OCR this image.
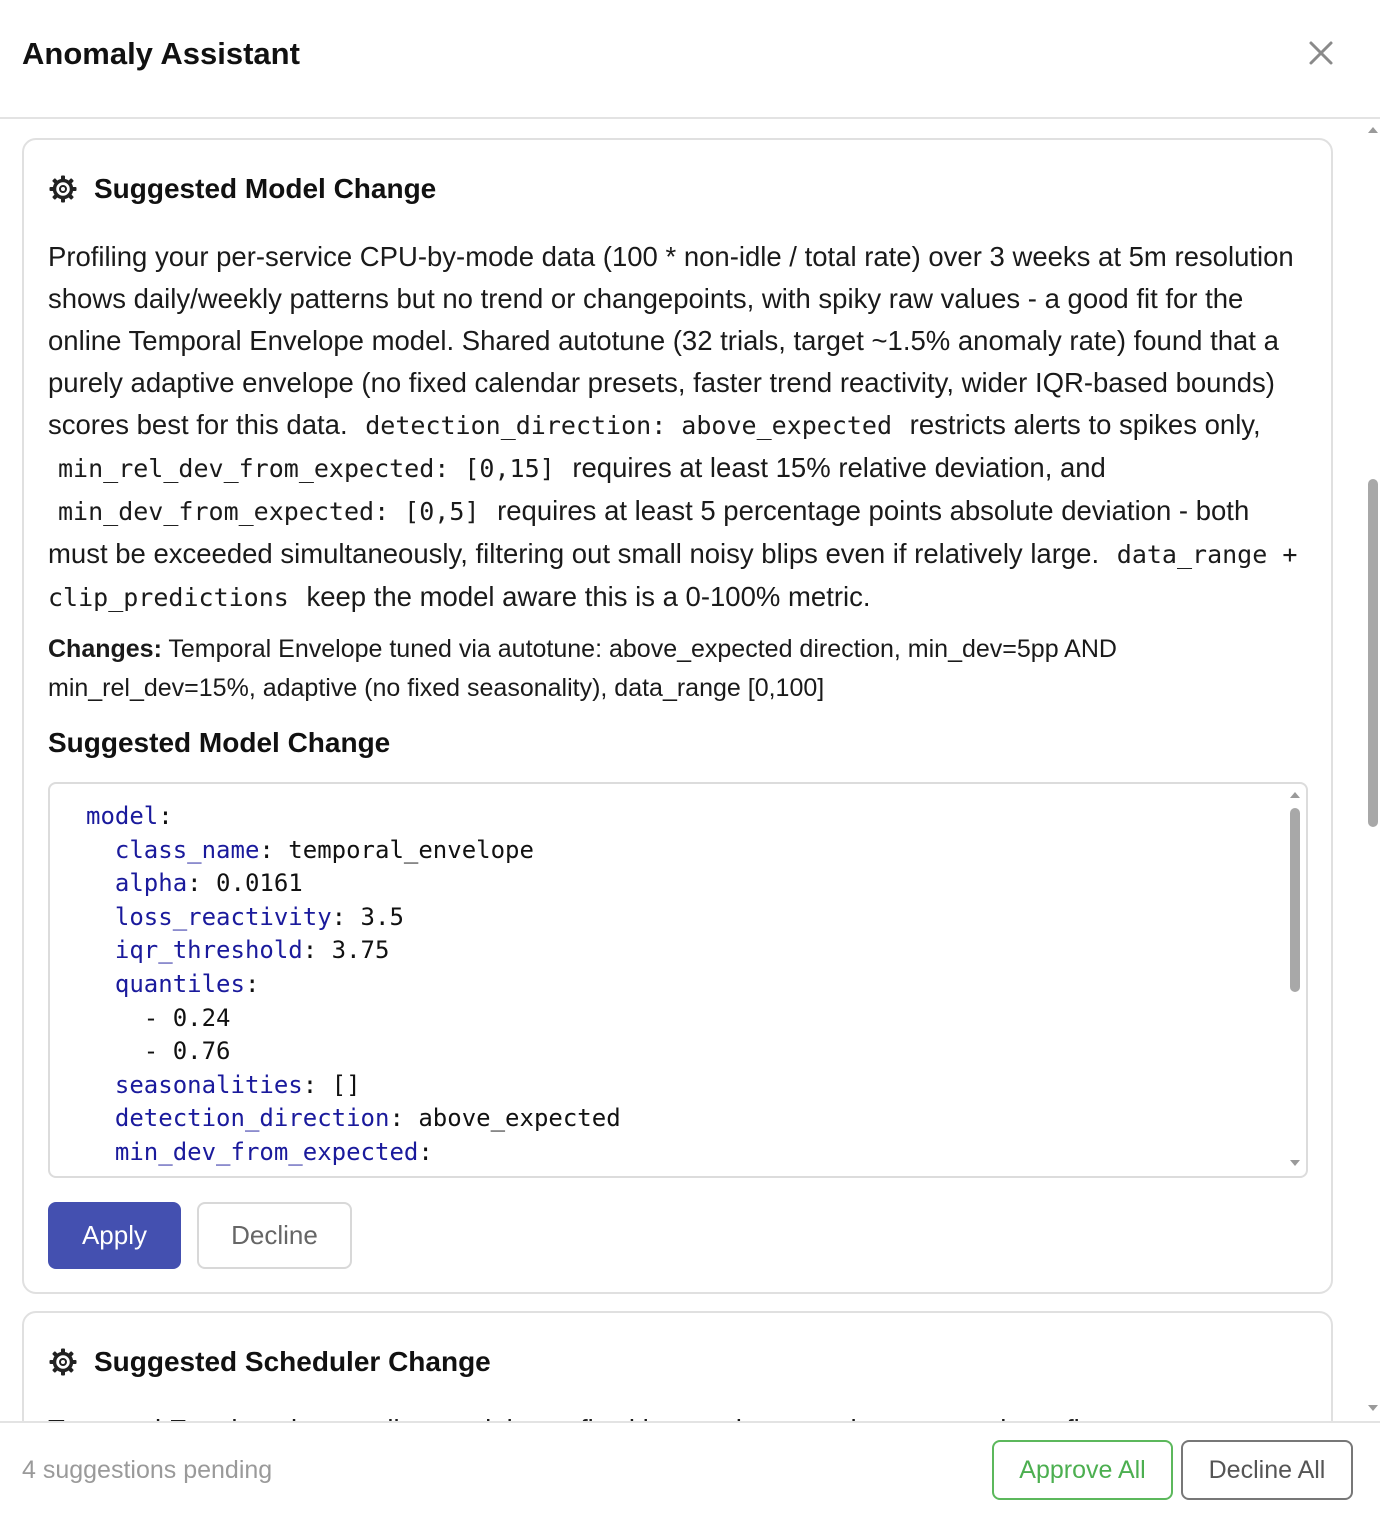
Anomaly Assistant
Suggested Model Change
Profiling your per-service CPU-by-mode data (100 * non-idle / total rate) over 3 weeks at 5m resolution shows daily/weekly patterns but no trend or changepoints, with spiky raw values - a good fit for the online Temporal Envelope model. Shared autotune (32 trials, target ~1.5% anomaly rate) found that a purely adaptive envelope (no fixed calendar presets, faster trend reactivity, wider IQR-based bounds) scores best for this data. detection_direction: above_expected restricts alerts to spikes only, min_rel_dev_from_expected: [0,15] requires at least 15% relative deviation, and min_dev_from_expected: [0,5] requires at least 5 percentage points absolute deviation - both must be exceeded simultaneously, filtering out small noisy blips even if relatively large. data_range + clip_predictions keep the model aware this is a 0-100% metric.
Changes: Temporal Envelope tuned via autotune: above_expected direction, min_dev=5pp AND min_rel_dev=15%, adaptive (no fixed seasonality), data_range [0,100]
Suggested Model Change
model:
class_name: temporal_envelope
alpha: 0.0161
loss_reactivity: 3.5
iqr_threshold: 3.75
quantiles:
- 0.24
- 0.76
seasonalities: []
detection_direction: above_expected
min_dev_from_expected:
Apply	Decline
Suggested Scheduler Change
4 suggestions pending	Approve All	Decline All
